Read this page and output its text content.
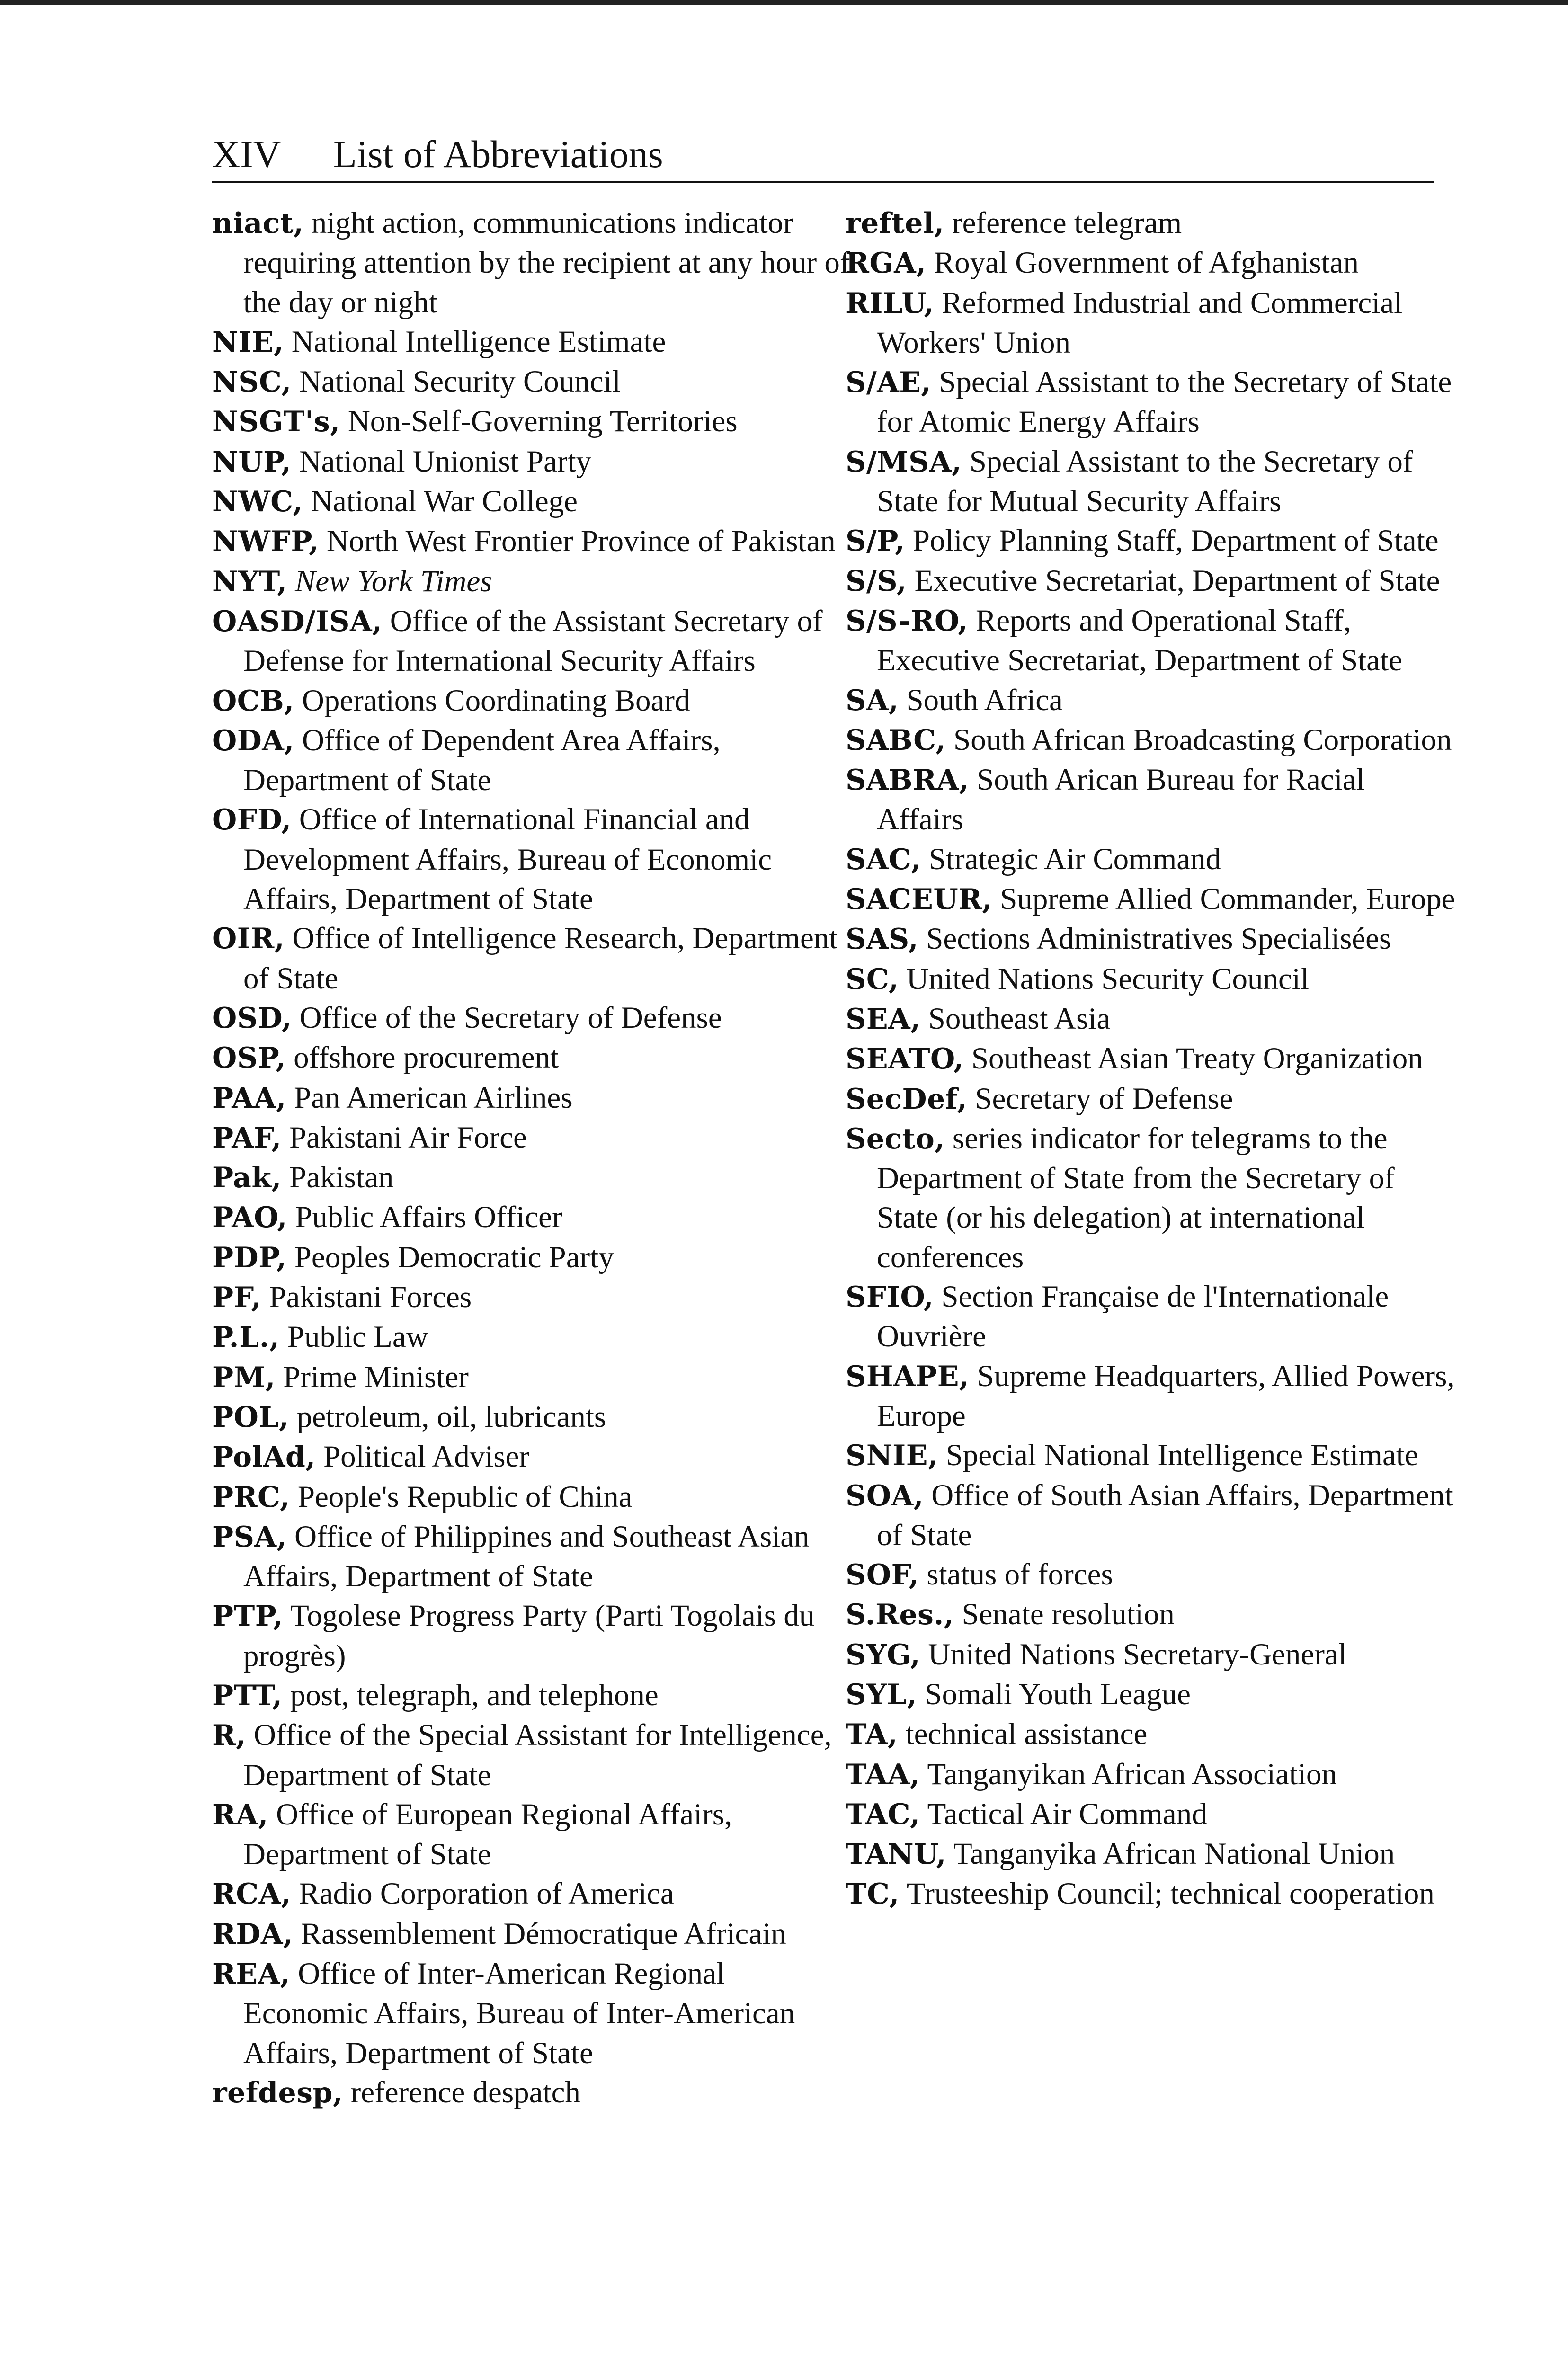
XIV List of Abbreviations

niact, night action, communications indicator requiring attention by the recipient at any hour of the day or night

NIE, National Intelligence Estimate

NSC, National Security Council

NSGT's, Non-Self-Governing Territories

NUP, National Unionist Party

NWC, National War College

NWFP, North West Frontier Province of Pakistan

NYT, New York Times

OASD/ISA, Office of the Assistant Secretary of Defense for International Security Affairs

OCB, Operations Coordinating Board

ODA, Office of Dependent Area Affairs, Department of State

OFD, Office of International Financial and Development Affairs, Bureau of Economic Affairs, Department of State

OIR, Office of Intelligence Research, Department of State

OSD, Office of the Secretary of Defense

OSP, offshore procurement

PAA, Pan American Airlines

PAF, Pakistani Air Force

Pak, Pakistan

PAO, Public Affairs Officer

PDP, Peoples Democratic Party

PF, Pakistani Forces

P.L., Public Law

PM, Prime Minister

POL, petroleum, oil, lubricants

PolAd, Political Adviser

PRC, People's Republic of China

PSA, Office of Philippines and Southeast Asian Affairs, Department of State

PTP, Togolese Progress Party (Parti Togolais du progrès)

PTT, post, telegraph, and telephone

R, Office of the Special Assistant for Intelligence, Department of State

RA, Office of European Regional Affairs, Department of State

RCA, Radio Corporation of America

RDA, Rassemblement Démocratique Africain

REA, Office of Inter-American Regional Economic Affairs, Bureau of Inter-American Affairs, Department of State

refdesp, reference despatch

reftel, reference telegram

RGA, Royal Government of Afghanistan

RILU, Reformed Industrial and Commercial Workers' Union

S/AE, Special Assistant to the Secretary of State for Atomic Energy Affairs

S/MSA, Special Assistant to the Secretary of State for Mutual Security Affairs

S/P, Policy Planning Staff, Department of State

S/S, Executive Secretariat, Department of State

S/S-RO, Reports and Operational Staff, Executive Secretariat, Department of State

SA, South Africa

SABC, South African Broadcasting Corporation

SABRA, South Arican Bureau for Racial Affairs

SAC, Strategic Air Command

SACEUR, Supreme Allied Commander, Europe

SAS, Sections Administratives Specialisées

SC, United Nations Security Council

SEA, Southeast Asia

SEATO, Southeast Asian Treaty Organization

SecDef, Secretary of Defense

Secto, series indicator for telegrams to the Department of State from the Secretary of State (or his delegation) at international conferences

SFIO, Section Française de l'Internationale Ouvrière

SHAPE, Supreme Headquarters, Allied Powers, Europe

SNIE, Special National Intelligence Estimate

SOA, Office of South Asian Affairs, Department of State

SOF, status of forces

S.Res., Senate resolution

SYG, United Nations Secretary-General

SYL, Somali Youth League

TA, technical assistance

TAA, Tanganyikan African Association

TAC, Tactical Air Command

TANU, Tanganyika African National Union

TC, Trusteeship Council; technical cooperation
